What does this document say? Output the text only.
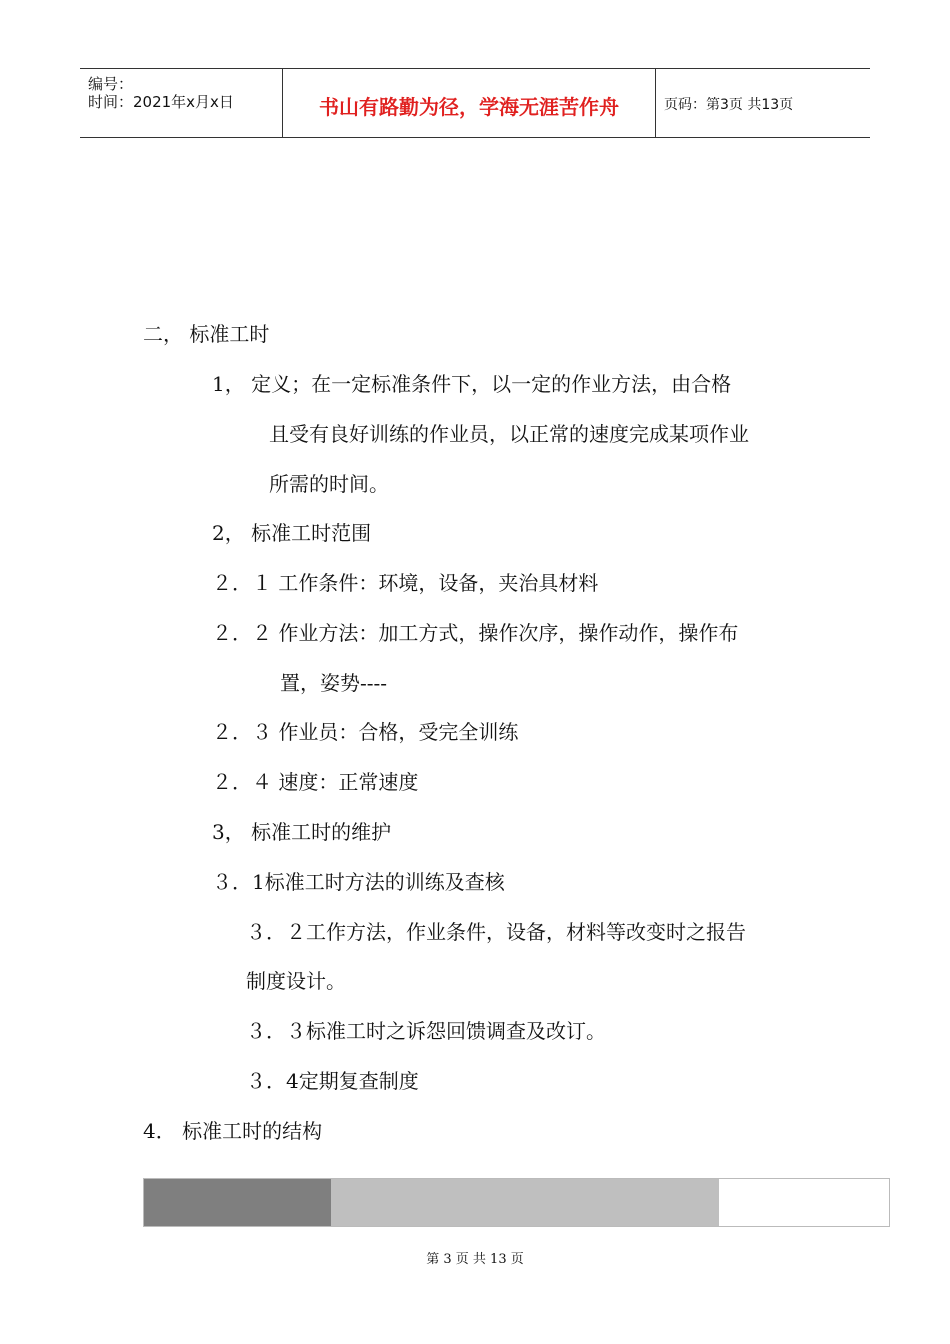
编号：
时间：2021年x月x日	书山有路勤为径，学海无涯苦作舟	页码：第3页 共13页
二， 标准工时
1， 定义；在一定标准条件下，以一定的作业方法，由合格
且受有良好训练的作业员，以正常的速度完成某项作业
所需的时间。
2， 标准工时范围
２．１ 工作条件：环境，设备，夹治具材料
２．２ 作业方法：加工方式，操作次序，操作动作，操作布
置，姿势----
２．３ 作业员：合格，受完全训练
２．４ 速度：正常速度
3， 标准工时的维护
３．1标准工时方法的训练及查核
３．２工作方法，作业条件，设备，材料等改变时之报告
制度设计。
３．３标准工时之诉怨回馈调查及改订。
３．4定期复查制度
4． 标准工时的结构
第 3 页 共 13 页
